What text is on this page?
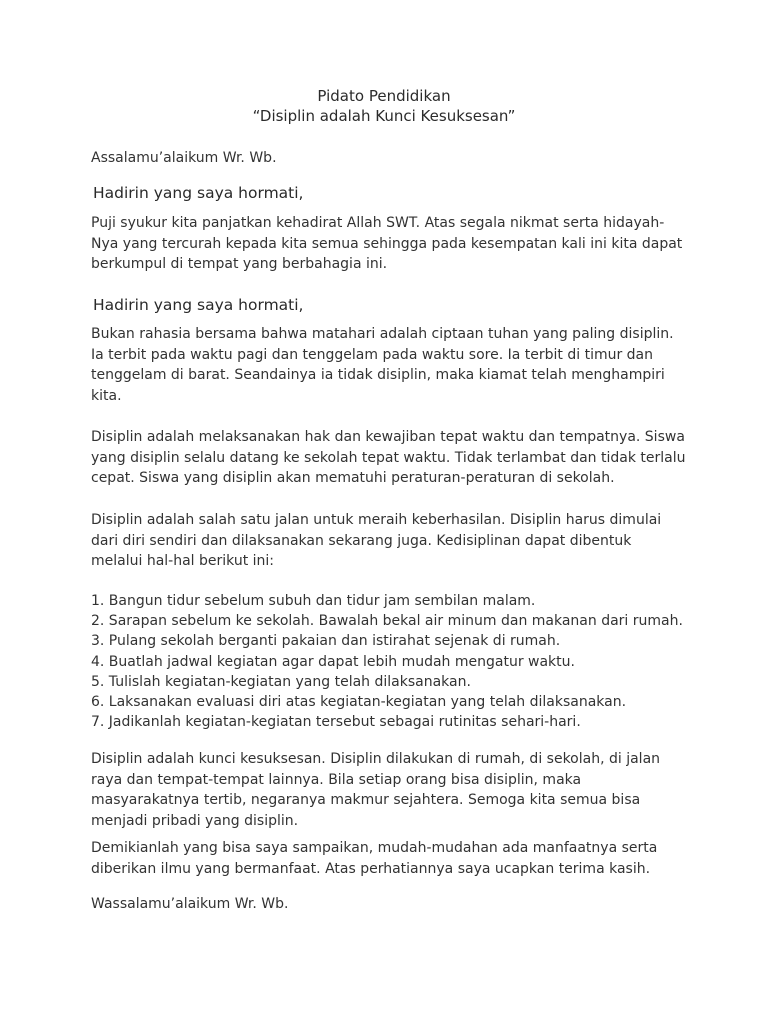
Pidato Pendidikan
“Disiplin adalah Kunci Kesuksesan”

Assalamu’alaikum Wr. Wb.

Hadirin yang saya hormati,

Puji syukur kita panjatkan kehadirat Allah SWT. Atas segala nikmat serta hidayah-Nya yang tercurah kepada kita semua sehingga pada kesempatan kali ini kita dapat berkumpul di tempat yang berbahagia ini.

Hadirin yang saya hormati,

Bukan rahasia bersama bahwa matahari adalah ciptaan tuhan yang paling disiplin. Ia terbit pada waktu pagi dan tenggelam pada waktu sore. Ia terbit di timur dan tenggelam di barat. Seandainya ia tidak disiplin, maka kiamat telah menghampiri kita.

Disiplin adalah melaksanakan hak dan kewajiban tepat waktu dan tempatnya. Siswa yang disiplin selalu datang ke sekolah tepat waktu. Tidak terlambat dan tidak terlalu cepat. Siswa yang disiplin akan mematuhi peraturan-peraturan di sekolah.

Disiplin adalah salah satu jalan untuk meraih keberhasilan. Disiplin harus dimulai dari diri sendiri dan dilaksanakan sekarang juga. Kedisiplinan dapat dibentuk melalui hal-hal berikut ini:

1. Bangun tidur sebelum subuh dan tidur jam sembilan malam.
2. Sarapan sebelum ke sekolah. Bawalah bekal air minum dan makanan dari rumah.
3. Pulang sekolah berganti pakaian dan istirahat sejenak di rumah.
4. Buatlah jadwal kegiatan agar dapat lebih mudah mengatur waktu.
5. Tulislah kegiatan-kegiatan yang telah dilaksanakan.
6. Laksanakan evaluasi diri atas kegiatan-kegiatan yang telah dilaksanakan.
7. Jadikanlah kegiatan-kegiatan tersebut sebagai rutinitas sehari-hari.

Disiplin adalah kunci kesuksesan. Disiplin dilakukan di rumah, di sekolah, di jalan raya dan tempat-tempat lainnya. Bila setiap orang bisa disiplin, maka masyarakatnya tertib, negaranya makmur sejahtera. Semoga kita semua bisa menjadi pribadi yang disiplin.

Demikianlah yang bisa saya sampaikan, mudah-mudahan ada manfaatnya serta diberikan ilmu yang bermanfaat. Atas perhatiannya saya ucapkan terima kasih.

Wassalamu’alaikum Wr. Wb.
